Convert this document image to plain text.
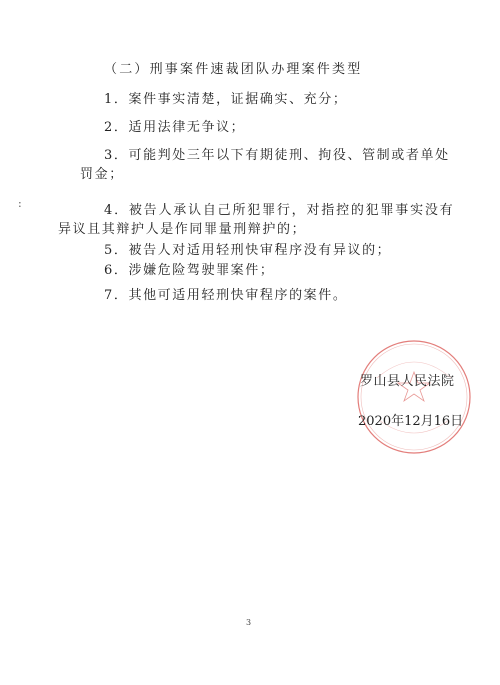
（二）刑事案件速裁团队办理案件类型
1．案件事实清楚，证据确实、充分；
2．适用法律无争议；
3．可能判处三年以下有期徒刑、拘役、管制或者单处
罚金；
4．被告人承认自己所犯罪行，对指控的犯罪事实没有
异议且其辩护人是作同罪量刑辩护的；
5．被告人对适用轻刑快审程序没有异议的；
6．涉嫌危险驾驶罪案件；
7．其他可适用轻刑快审程序的案件。
:
罗山县人民法院
2020年12月16日
3
